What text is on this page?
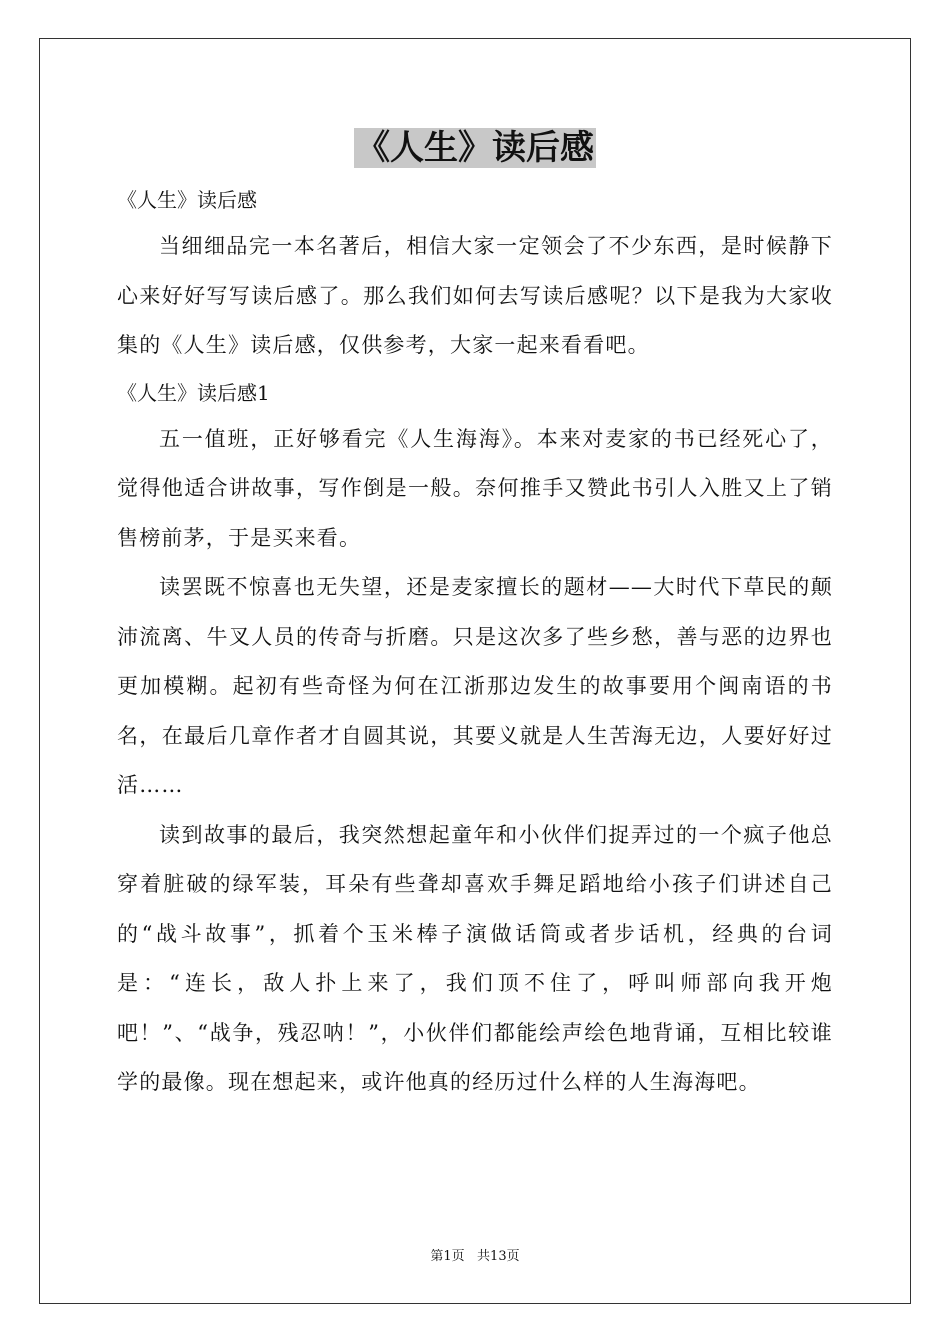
《人生》读后感

《人生》读后感

当细细品完一本名著后，相信大家一定领会了不少东西，是时候静下心来好好写写读后感了。那么我们如何去写读后感呢？以下是我为大家收集的《人生》读后感，仅供参考，大家一起来看看吧。

《人生》读后感1

五一值班，正好够看完《人生海海》。本来对麦家的书已经死心了，觉得他适合讲故事，写作倒是一般。奈何推手又赞此书引人入胜又上了销售榜前茅，于是买来看。

读罢既不惊喜也无失望，还是麦家擅长的题材——大时代下草民的颠沛流离、牛叉人员的传奇与折磨。只是这次多了些乡愁，善与恶的边界也更加模糊。起初有些奇怪为何在江浙那边发生的故事要用个闽南语的书名，在最后几章作者才自圆其说，其要义就是人生苦海无边，人要好好过活……

读到故事的最后，我突然想起童年和小伙伴们捉弄过的一个疯子他总穿着脏破的绿军装，耳朵有些聋却喜欢手舞足蹈地给小孩子们讲述自己的“战斗故事”，抓着个玉米棒子演做话筒或者步话机，经典的台词是：“连长，敌人扑上来了，我们顶不住了，呼叫师部向我开炮吧！”、“战争，残忍呐！”，小伙伴们都能绘声绘色地背诵，互相比较谁学的最像。现在想起来，或许他真的经历过什么样的人生海海吧。

第1页   共13页
